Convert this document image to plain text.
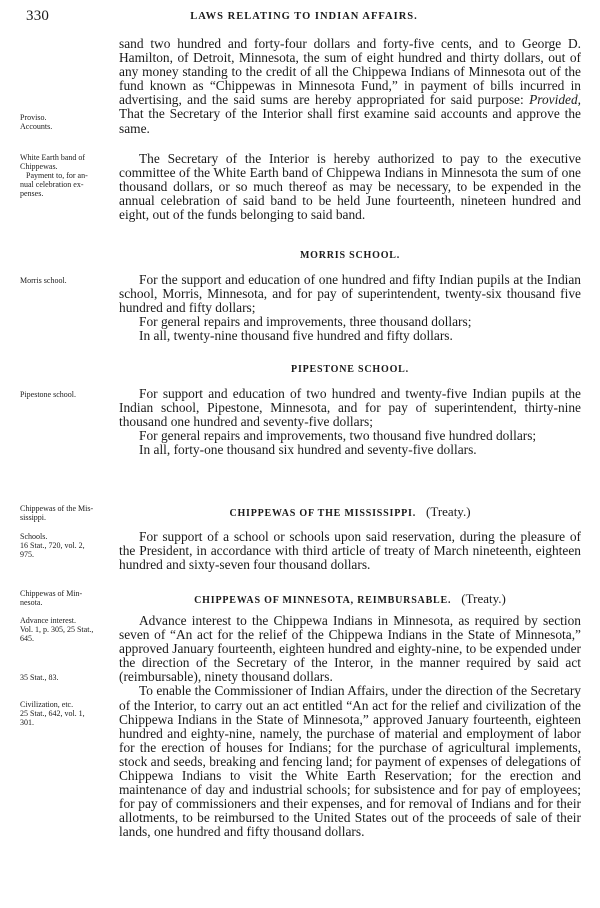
330	LAWS RELATING TO INDIAN AFFAIRS.

sand two hundred and forty-four dollars and forty-five cents, and to George D. Hamilton, of Detroit, Minnesota, the sum of eight hundred and thirty dollars, out of any money standing to the credit of all the Chippewa Indians of Minnesota out of the fund known as “Chippewas in Minnesota Fund,” in payment of bills incurred in advertising, and the said sums are hereby appropriated for said purpose: Provided, That the Secretary of the Interior shall first examine said accounts and approve the same.

The Secretary of the Interior is hereby authorized to pay to the executive committee of the White Earth band of Chippewa Indians in Minnesota the sum of one thousand dollars, or so much thereof as may be necessary, to be expended in the annual celebration of said band to be held June fourteenth, nineteen hundred and eight, out of the funds belonging to said band.

MORRIS SCHOOL.

For the support and education of one hundred and fifty Indian pupils at the Indian school, Morris, Minnesota, and for pay of superintendent, twenty-six thousand five hundred and fifty dollars;

For general repairs and improvements, three thousand dollars;

In all, twenty-nine thousand five hundred and fifty dollars.

PIPESTONE SCHOOL.

For support and education of two hundred and twenty-five Indian pupils at the Indian school, Pipestone, Minnesota, and for pay of superintendent, thirty-nine thousand one hundred and seventy-five dollars;

For general repairs and improvements, two thousand five hundred dollars;

In all, forty-one thousand six hundred and seventy-five dollars.

CHIPPEWAS OF THE MISSISSIPPI. (Treaty.)

For support of a school or schools upon said reservation, during the pleasure of the President, in accordance with third article of treaty of March nineteenth, eighteen hundred and sixty-seven four thousand dollars.

CHIPPEWAS OF MINNESOTA, REIMBURSABLE. (Treaty.)

Advance interest to the Chippewa Indians in Minnesota, as required by section seven of “An act for the relief of the Chippewa Indians in the State of Minnesota,” approved January fourteenth, eighteen hundred and eighty-nine, to be expended under the direction of the Secretary of the Interor, in the manner required by said act (reimbursable), ninety thousand dollars.

To enable the Commissioner of Indian Affairs, under the direction of the Secretary of the Interior, to carry out an act entitled “An act for the relief and civilization of the Chippewa Indians in the State of Minnesota,” approved January fourteenth, eighteen hundred and eighty-nine, namely, the purchase of material and employment of labor for the erection of houses for Indians; for the purchase of agricultural implements, stock and seeds, breaking and fencing land; for payment of expenses of delegations of Chippewa Indians to visit the White Earth Reservation; for the erection and maintenance of day and industrial schools; for subsistence and for pay of employees; for pay of commissioners and their expenses, and for removal of Indians and for their allotments, to be reimbursed to the United States out of the proceeds of sale of their lands, one hundred and fifty thousand dollars.

Proviso.
Accounts.
White Earth band of
Chippewas.
Payment to, for an-
nual celebration ex-
penses.
Morris school.
Pipestone school.
Chippewas of the Mis-
sissippi.
Schools.
16 Stat., 720, vol. 2,
975.
Chippewas of Min-
nesota.
Advance interest.
Vol. 1, p. 305, 25 Stat.,
645.
35 Stat., 83.
Civilization, etc.
25 Stat., 642, vol. 1,
301.
